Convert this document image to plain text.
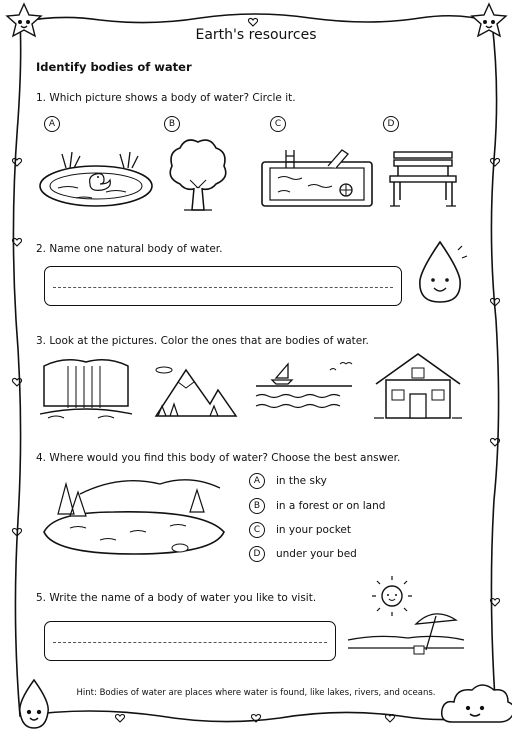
Earth's resources
Identify bodies of water
1. Which picture shows a body of water? Circle it.
A	B	C	D
2. Name one natural body of water.
3. Look at the pictures. Color the ones that are bodies of water.
4. Where would you find this body of water? Choose the best answer.
A	in the sky
B	in a forest or on land
C	in your pocket
D	under your bed
5. Write the name of a body of water you like to visit.
Hint: Bodies of water are places where water is found, like lakes, rivers, and oceans.
